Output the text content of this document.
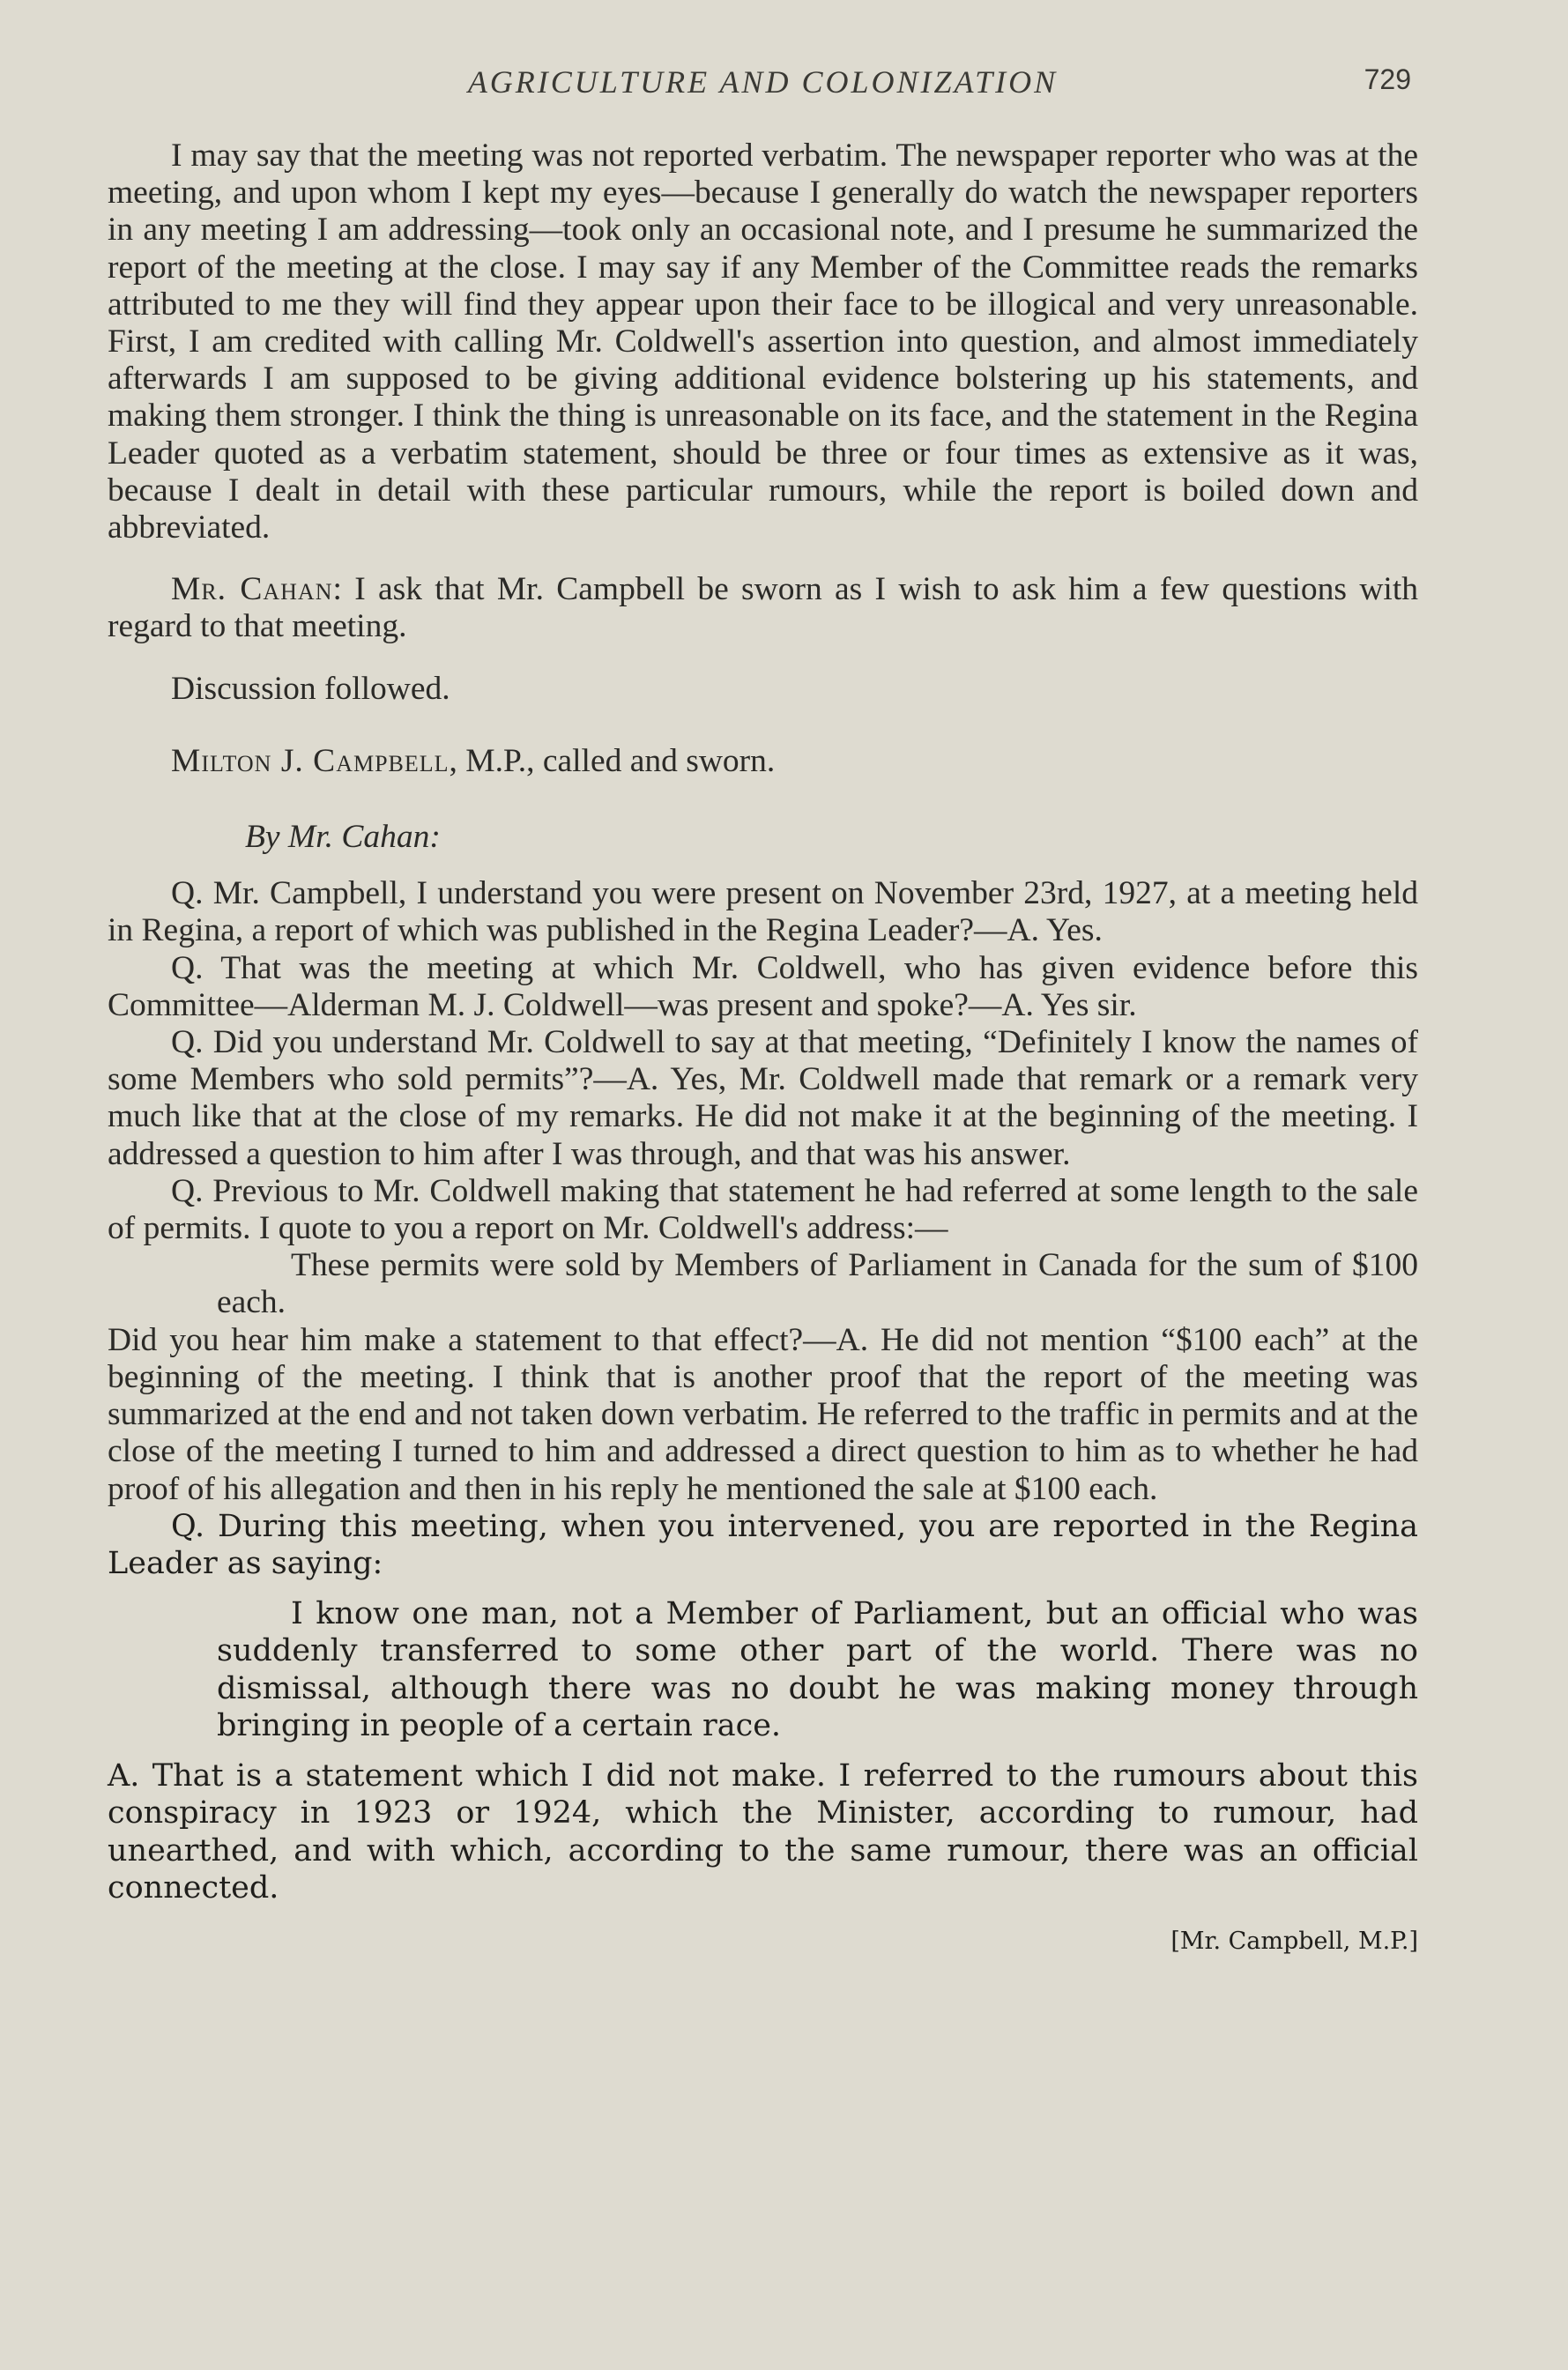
AGRICULTURE AND COLONIZATION	729

I may say that the meeting was not reported verbatim. The newspaper reporter who was at the meeting, and upon whom I kept my eyes—because I generally do watch the newspaper reporters in any meeting I am addressing—took only an occasional note, and I presume he summarized the report of the meeting at the close. I may say if any Member of the Committee reads the remarks attributed to me they will find they appear upon their face to be illogical and very unreasonable. First, I am credited with calling Mr. Coldwell's assertion into question, and almost immediately afterwards I am supposed to be giving additional evidence bolstering up his statements, and making them stronger. I think the thing is unreasonable on its face, and the statement in the Regina Leader quoted as a verbatim statement, should be three or four times as extensive as it was, because I dealt in detail with these particular rumours, while the report is boiled down and abbreviated.

Mr. Cahan: I ask that Mr. Campbell be sworn as I wish to ask him a few questions with regard to that meeting.

Discussion followed.

Milton J. Campbell, M.P., called and sworn.

By Mr. Cahan:

Q. Mr. Campbell, I understand you were present on November 23rd, 1927, at a meeting held in Regina, a report of which was published in the Regina Leader?—A. Yes.

Q. That was the meeting at which Mr. Coldwell, who has given evidence before this Committee—Alderman M. J. Coldwell—was present and spoke?—A. Yes sir.

Q. Did you understand Mr. Coldwell to say at that meeting, “Definitely I know the names of some Members who sold permits”?—A. Yes, Mr. Coldwell made that remark or a remark very much like that at the close of my remarks. He did not make it at the beginning of the meeting. I addressed a question to him after I was through, and that was his answer.

Q. Previous to Mr. Coldwell making that statement he had referred at some length to the sale of permits. I quote to you a report on Mr. Coldwell's address:—

These permits were sold by Members of Parliament in Canada for the sum of $100 each.

Did you hear him make a statement to that effect?—A. He did not mention “$100 each” at the beginning of the meeting. I think that is another proof that the report of the meeting was summarized at the end and not taken down verbatim. He referred to the traffic in permits and at the close of the meeting I turned to him and addressed a direct question to him as to whether he had proof of his allegation and then in his reply he mentioned the sale at $100 each.

Q. During this meeting, when you intervened, you are reported in the Regina Leader as saying:

I know one man, not a Member of Parliament, but an official who was suddenly transferred to some other part of the world. There was no dismissal, although there was no doubt he was making money through bringing in people of a certain race.

A. That is a statement which I did not make. I referred to the rumours about this conspiracy in 1923 or 1924, which the Minister, according to rumour, had unearthed, and with which, according to the same rumour, there was an official connected.

[Mr. Campbell, M.P.]
